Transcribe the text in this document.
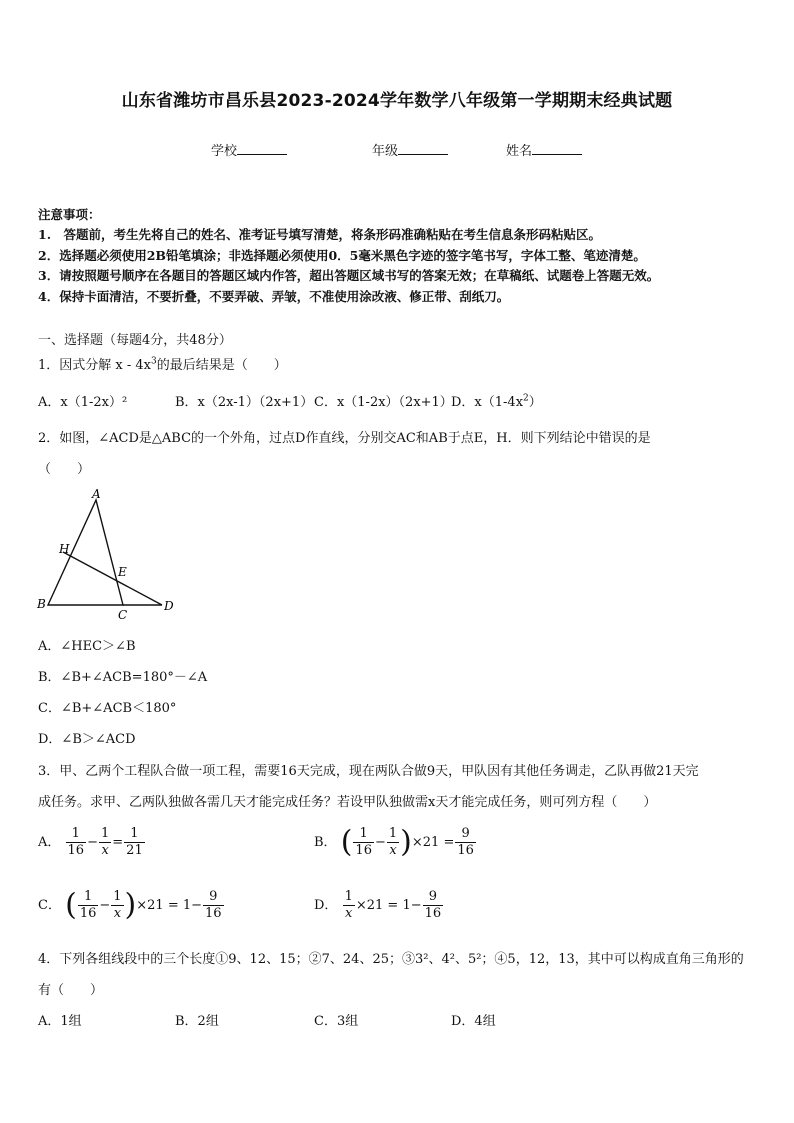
山东省潍坊市昌乐县2023-2024学年数学八年级第一学期期末经典试题
学校	年级	姓名
注意事项：
1.　答题前，考生先将自己的姓名、准考证号填写清楚，将条形码准确粘贴在考生信息条形码粘贴区。
2．选择题必须使用2B铅笔填涂；非选择题必须使用0．5毫米黑色字迹的签字笔书写，字体工整、笔迹清楚。
3．请按照题号顺序在各题目的答题区域内作答，超出答题区域书写的答案无效；在草稿纸、试题卷上答题无效。
4．保持卡面清洁，不要折叠，不要弄破、弄皱，不准使用涂改液、修正带、刮纸刀。
一、选择题（每题4分，共48分）
1．因式分解 x - $4x^3$的最后结果是（　　）
A．x（1-2x）²	B．x（2x-1）（2x+1） C．x（1-2x）（2x+1）
D．$x(1-4x^2)$
2．如图，∠ACD是△ABC的一个外角，过点D作直线，分别交AC和AB于点E，H．则下列结论中错误的是
（　　）
A
B
C
D
E
H
A．∠HEC＞∠B
B．∠B+∠ACB=180°－∠A
C．∠B+∠ACB＜180°
D．∠B＞∠ACD
3．甲、乙两个工程队合做一项工程，需要16天完成，现在两队合做9天，甲队因有其他任务调走，乙队再做21天完
成任务。求甲、乙两队独做各需几天才能完成任务？若设甲队独做需x天才能完成任务，则可列方程（　　）
A． $\frac{1}{16} - \frac{1}{x} = \frac{1}{21}$	B． ( $\frac{1}{16} - \frac{1}{x} )\times 21 = \frac{9}{16}$
C． ( $\frac{1}{16} - \frac{1}{x} )\times 21 = 1- \frac{9}{16}$	D． $\frac{1}{x} \times 21 = 1- \frac{9}{16}$
4．下列各组线段中的三个长度①9、12、15；②7、24、25；③3²、4²、5²；④5，12，13，其中可以构成直角三角形的
有（　　）
A．1组	B．2组	C．3组	D．4组
